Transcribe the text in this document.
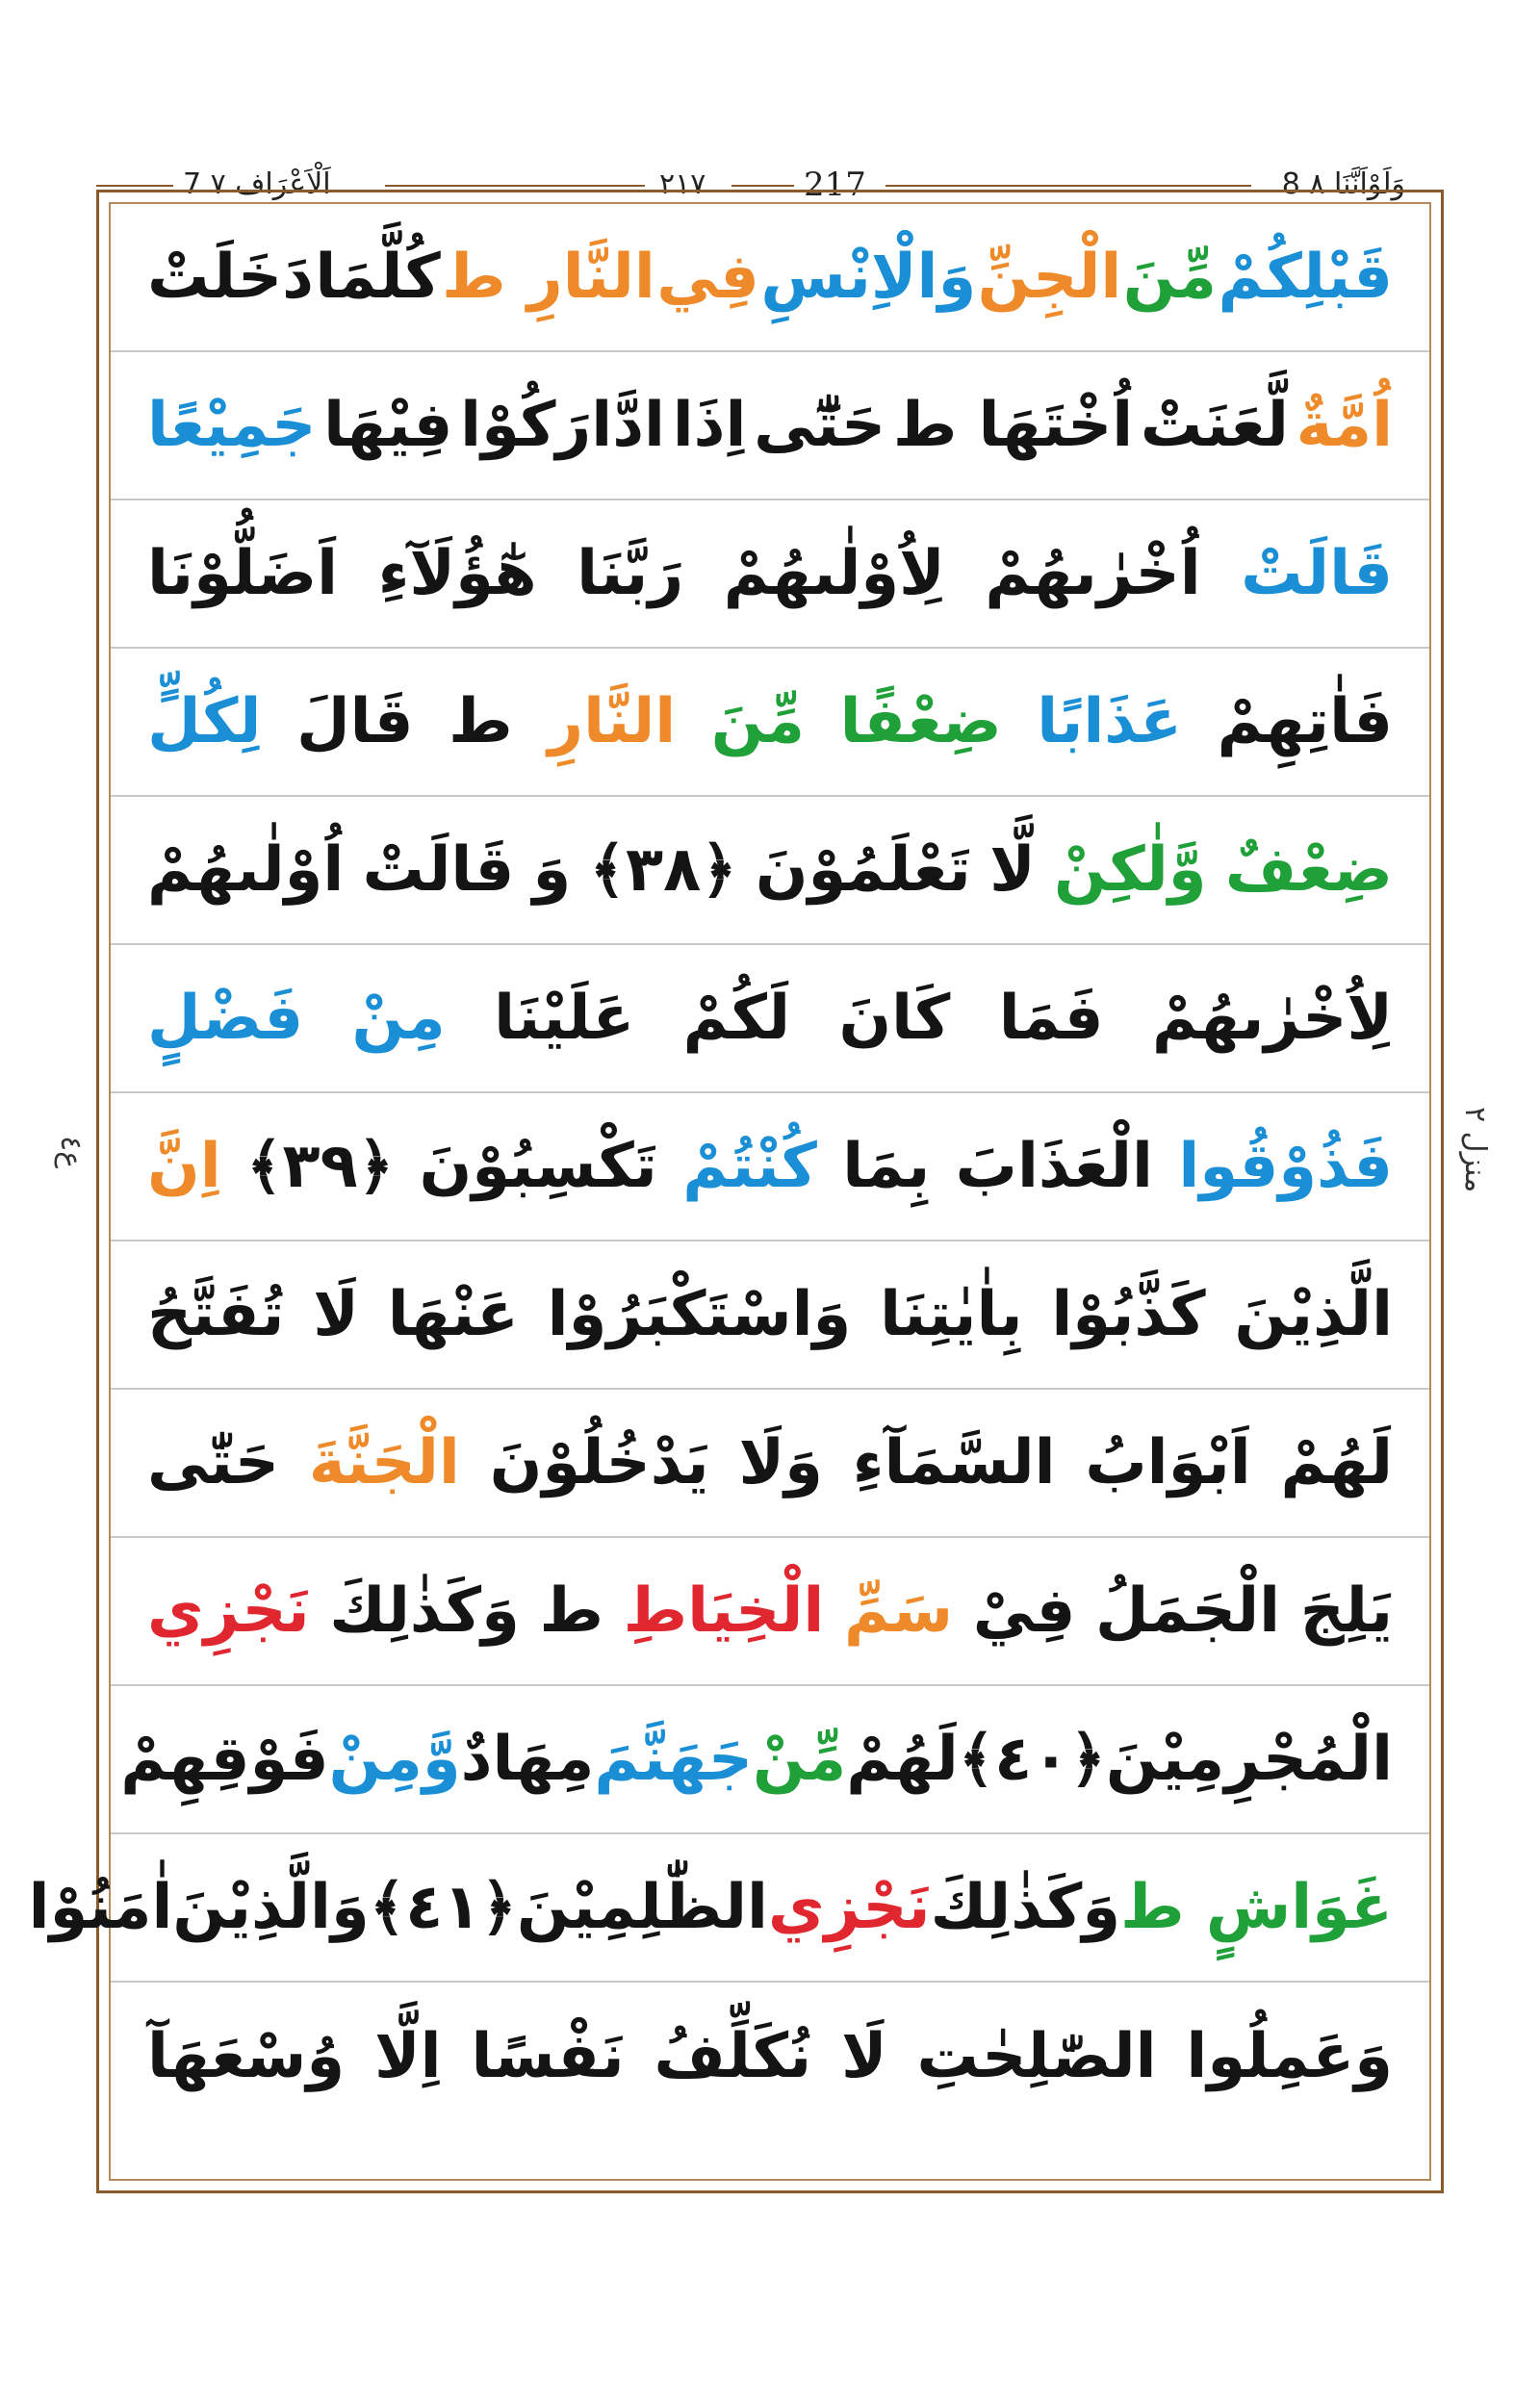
7 اَلْاَعْرَاف ۷	۲۱۷	217	8 وَلَوْاَنَّنَا ۸
ع٤
منزل ٢
قَبْلِكُمْ
مِّنَ
الْجِنِّ
وَالْاِنْسِ
فِي
النَّارِ ط
كُلَّمَا
دَخَلَتْ
اُمَّةٌ
لَّعَنَتْ
اُخْتَهَا ط
حَتّٰٓى
اِذَا
ادَّارَكُوْا
فِيْهَا
جَمِيْعًا
قَالَتْ
اُخْرٰىهُمْ
لِاُوْلٰىهُمْ
رَبَّنَا
هٰٓؤُلَآءِ
اَضَلُّوْنَا
فَاٰتِهِمْ
عَذَابًا
ضِعْفًا
مِّنَ
النَّارِ
ط
قَالَ
لِكُلٍّ
ضِعْفٌ
وَّلٰكِنْ
لَّا
تَعْلَمُوْنَ
﴿٣٨﴾
وَ
قَالَتْ
اُوْلٰىهُمْ
لِاُخْرٰىهُمْ
فَمَا
كَانَ
لَكُمْ
عَلَيْنَا
مِنْ
فَضْلٍ
فَذُوْقُوا
الْعَذَابَ
بِمَا
كُنْتُمْ
تَكْسِبُوْنَ
﴿٣٩﴾
اِنَّ
الَّذِيْنَ
كَذَّبُوْا
بِاٰيٰتِنَا
وَاسْتَكْبَرُوْا
عَنْهَا
لَا
تُفَتَّحُ
لَهُمْ
اَبْوَابُ
السَّمَآءِ
وَلَا
يَدْخُلُوْنَ
الْجَنَّةَ
حَتّٰى
يَلِجَ
الْجَمَلُ
فِيْ
سَمِّ
الْخِيَاطِ
ط
وَكَذٰلِكَ
نَجْزِي
الْمُجْرِمِيْنَ
﴿٤٠﴾
لَهُمْ
مِّنْ
جَهَنَّمَ
مِهَادٌ
وَّمِنْ
فَوْقِهِمْ
غَوَاشٍ ط
وَكَذٰلِكَ
نَجْزِي
الظّٰلِمِيْنَ
﴿٤١﴾
وَالَّذِيْنَ
اٰمَنُوْا
وَعَمِلُوا
الصّٰلِحٰتِ
لَا
نُكَلِّفُ
نَفْسًا
اِلَّا
وُسْعَهَآ
